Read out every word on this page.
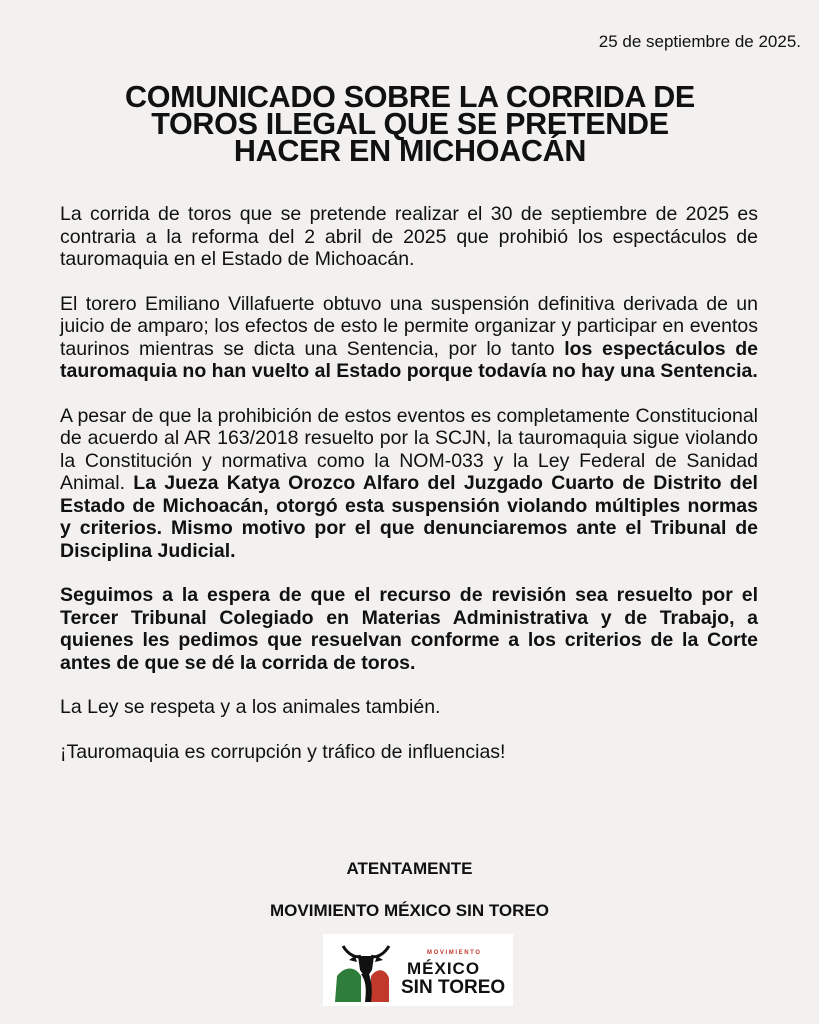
25 de septiembre de 2025.
COMUNICADO SOBRE LA CORRIDA DE
TOROS ILEGAL QUE SE PRETENDE
HACER EN MICHOACÁN

La corrida de toros que se pretende realizar el 30 de septiembre de 2025 es contraria a la reforma del 2 abril de 2025 que prohibió los espectáculos de tauromaquia en el Estado de Michoacán.

El torero Emiliano Villafuerte obtuvo una suspensión definitiva derivada de un juicio de amparo; los efectos de esto le permite organizar y participar en eventos taurinos mientras se dicta una Sentencia, por lo tanto los espectáculos de tauromaquia no han vuelto al Estado porque todavía no hay una Sentencia.

A pesar de que la prohibición de estos eventos es completamente Constitucional de acuerdo al AR 163/2018 resuelto por la SCJN, la tauromaquia sigue violando la Constitución y normativa como la NOM-033 y la Ley Federal de Sanidad Animal. La Jueza Katya Orozco Alfaro del Juzgado Cuarto de Distrito del Estado de Michoacán, otorgó esta suspensión violando múltiples normas y criterios. Mismo motivo por el que denunciaremos ante el Tribunal de Disciplina Judicial.

Seguimos a la espera de que el recurso de revisión sea resuelto por el Tercer Tribunal Colegiado en Materias Administrativa y de Trabajo, a quienes les pedimos que resuelvan conforme a los criterios de la Corte antes de que se dé la corrida de toros.

La Ley se respeta y a los animales también.

¡Tauromaquia es corrupción y tráfico de influencias!

ATENTAMENTE
MOVIMIENTO MÉXICO SIN TOREO
MOVIMIENTO
MÉXICO
SIN TOREO
